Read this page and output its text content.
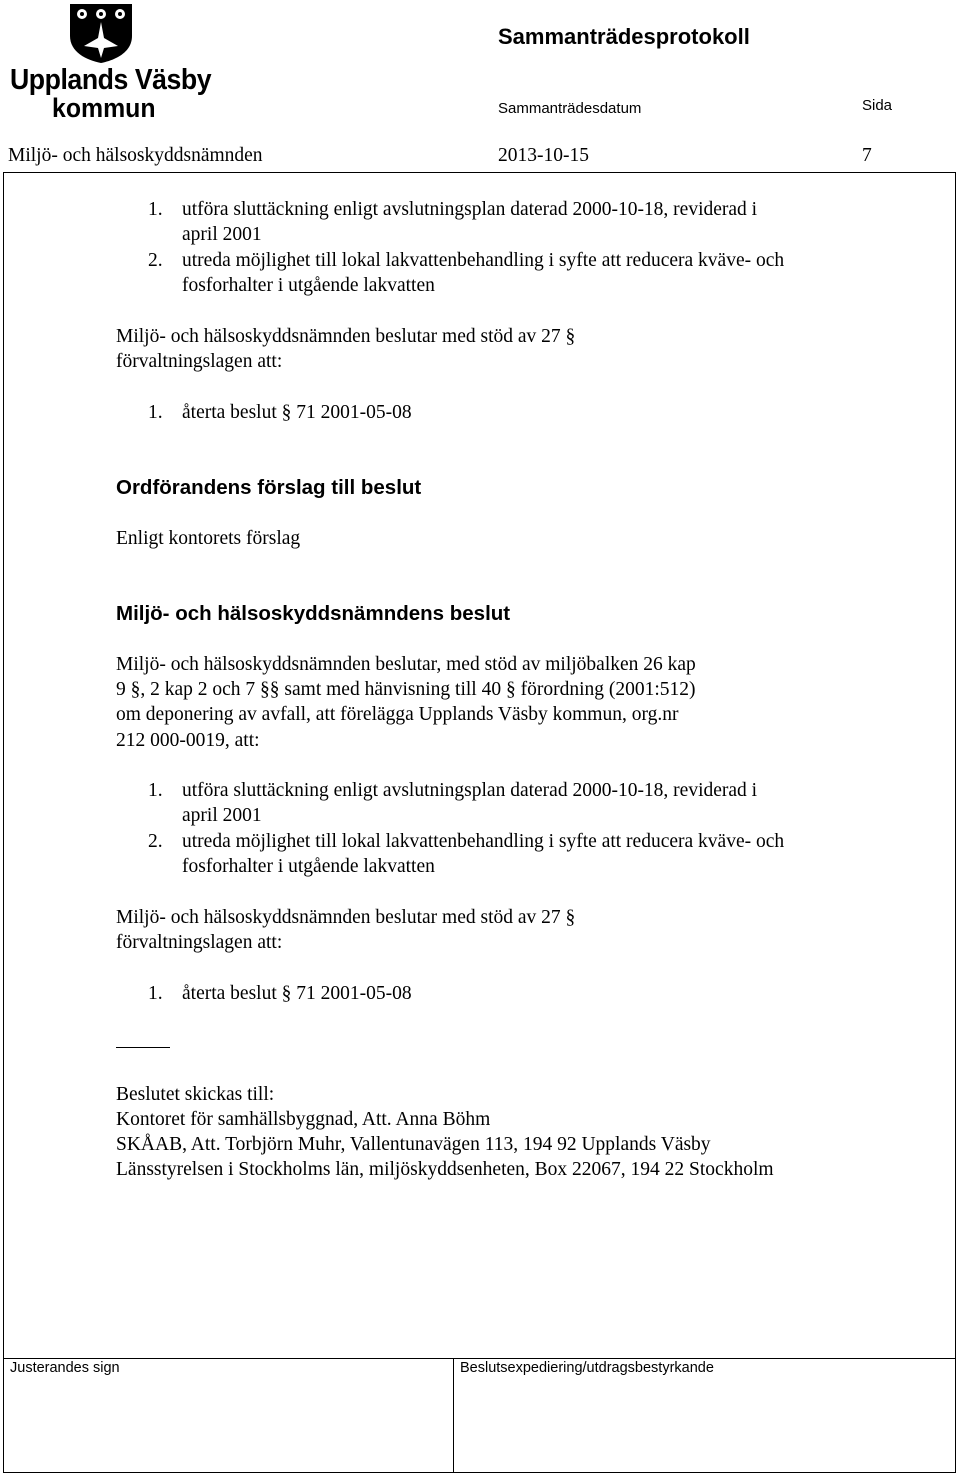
Upplands Väsby
kommun
Sammanträdesprotokoll
Sammanträdesdatum	Sida
Miljö- och hälsoskyddsnämnden	2013-10-15	7
1. utföra sluttäckning enligt avslutningsplan daterad 2000-10-18, reviderad i
april 2001
2. utreda möjlighet till lokal lakvattenbehandling i syfte att reducera kväve- och
fosforhalter i utgående lakvatten
Miljö- och hälsoskyddsnämnden beslutar med stöd av 27 §
förvaltningslagen att:
1. återta beslut § 71 2001-05-08
Ordförandens förslag till beslut
Enligt kontorets förslag
Miljö- och hälsoskyddsnämndens beslut
Miljö- och hälsoskyddsnämnden beslutar, med stöd av miljöbalken 26 kap
9 §, 2 kap 2 och 7 §§ samt med hänvisning till 40 § förordning (2001:512)
om deponering av avfall, att förelägga Upplands Väsby kommun, org.nr
212 000-0019, att:
1. utföra sluttäckning enligt avslutningsplan daterad 2000-10-18, reviderad i
april 2001
2. utreda möjlighet till lokal lakvattenbehandling i syfte att reducera kväve- och
fosforhalter i utgående lakvatten
Miljö- och hälsoskyddsnämnden beslutar med stöd av 27 §
förvaltningslagen att:
1. återta beslut § 71 2001-05-08
Beslutet skickas till:
Kontoret för samhällsbyggnad, Att. Anna Böhm
SKÅAB, Att. Torbjörn Muhr, Vallentunavägen 113, 194 92 Upplands Väsby
Länsstyrelsen i Stockholms län, miljöskyddsenheten, Box 22067, 194 22 Stockholm
Justerandes sign	Beslutsexpediering/utdragsbestyrkande
